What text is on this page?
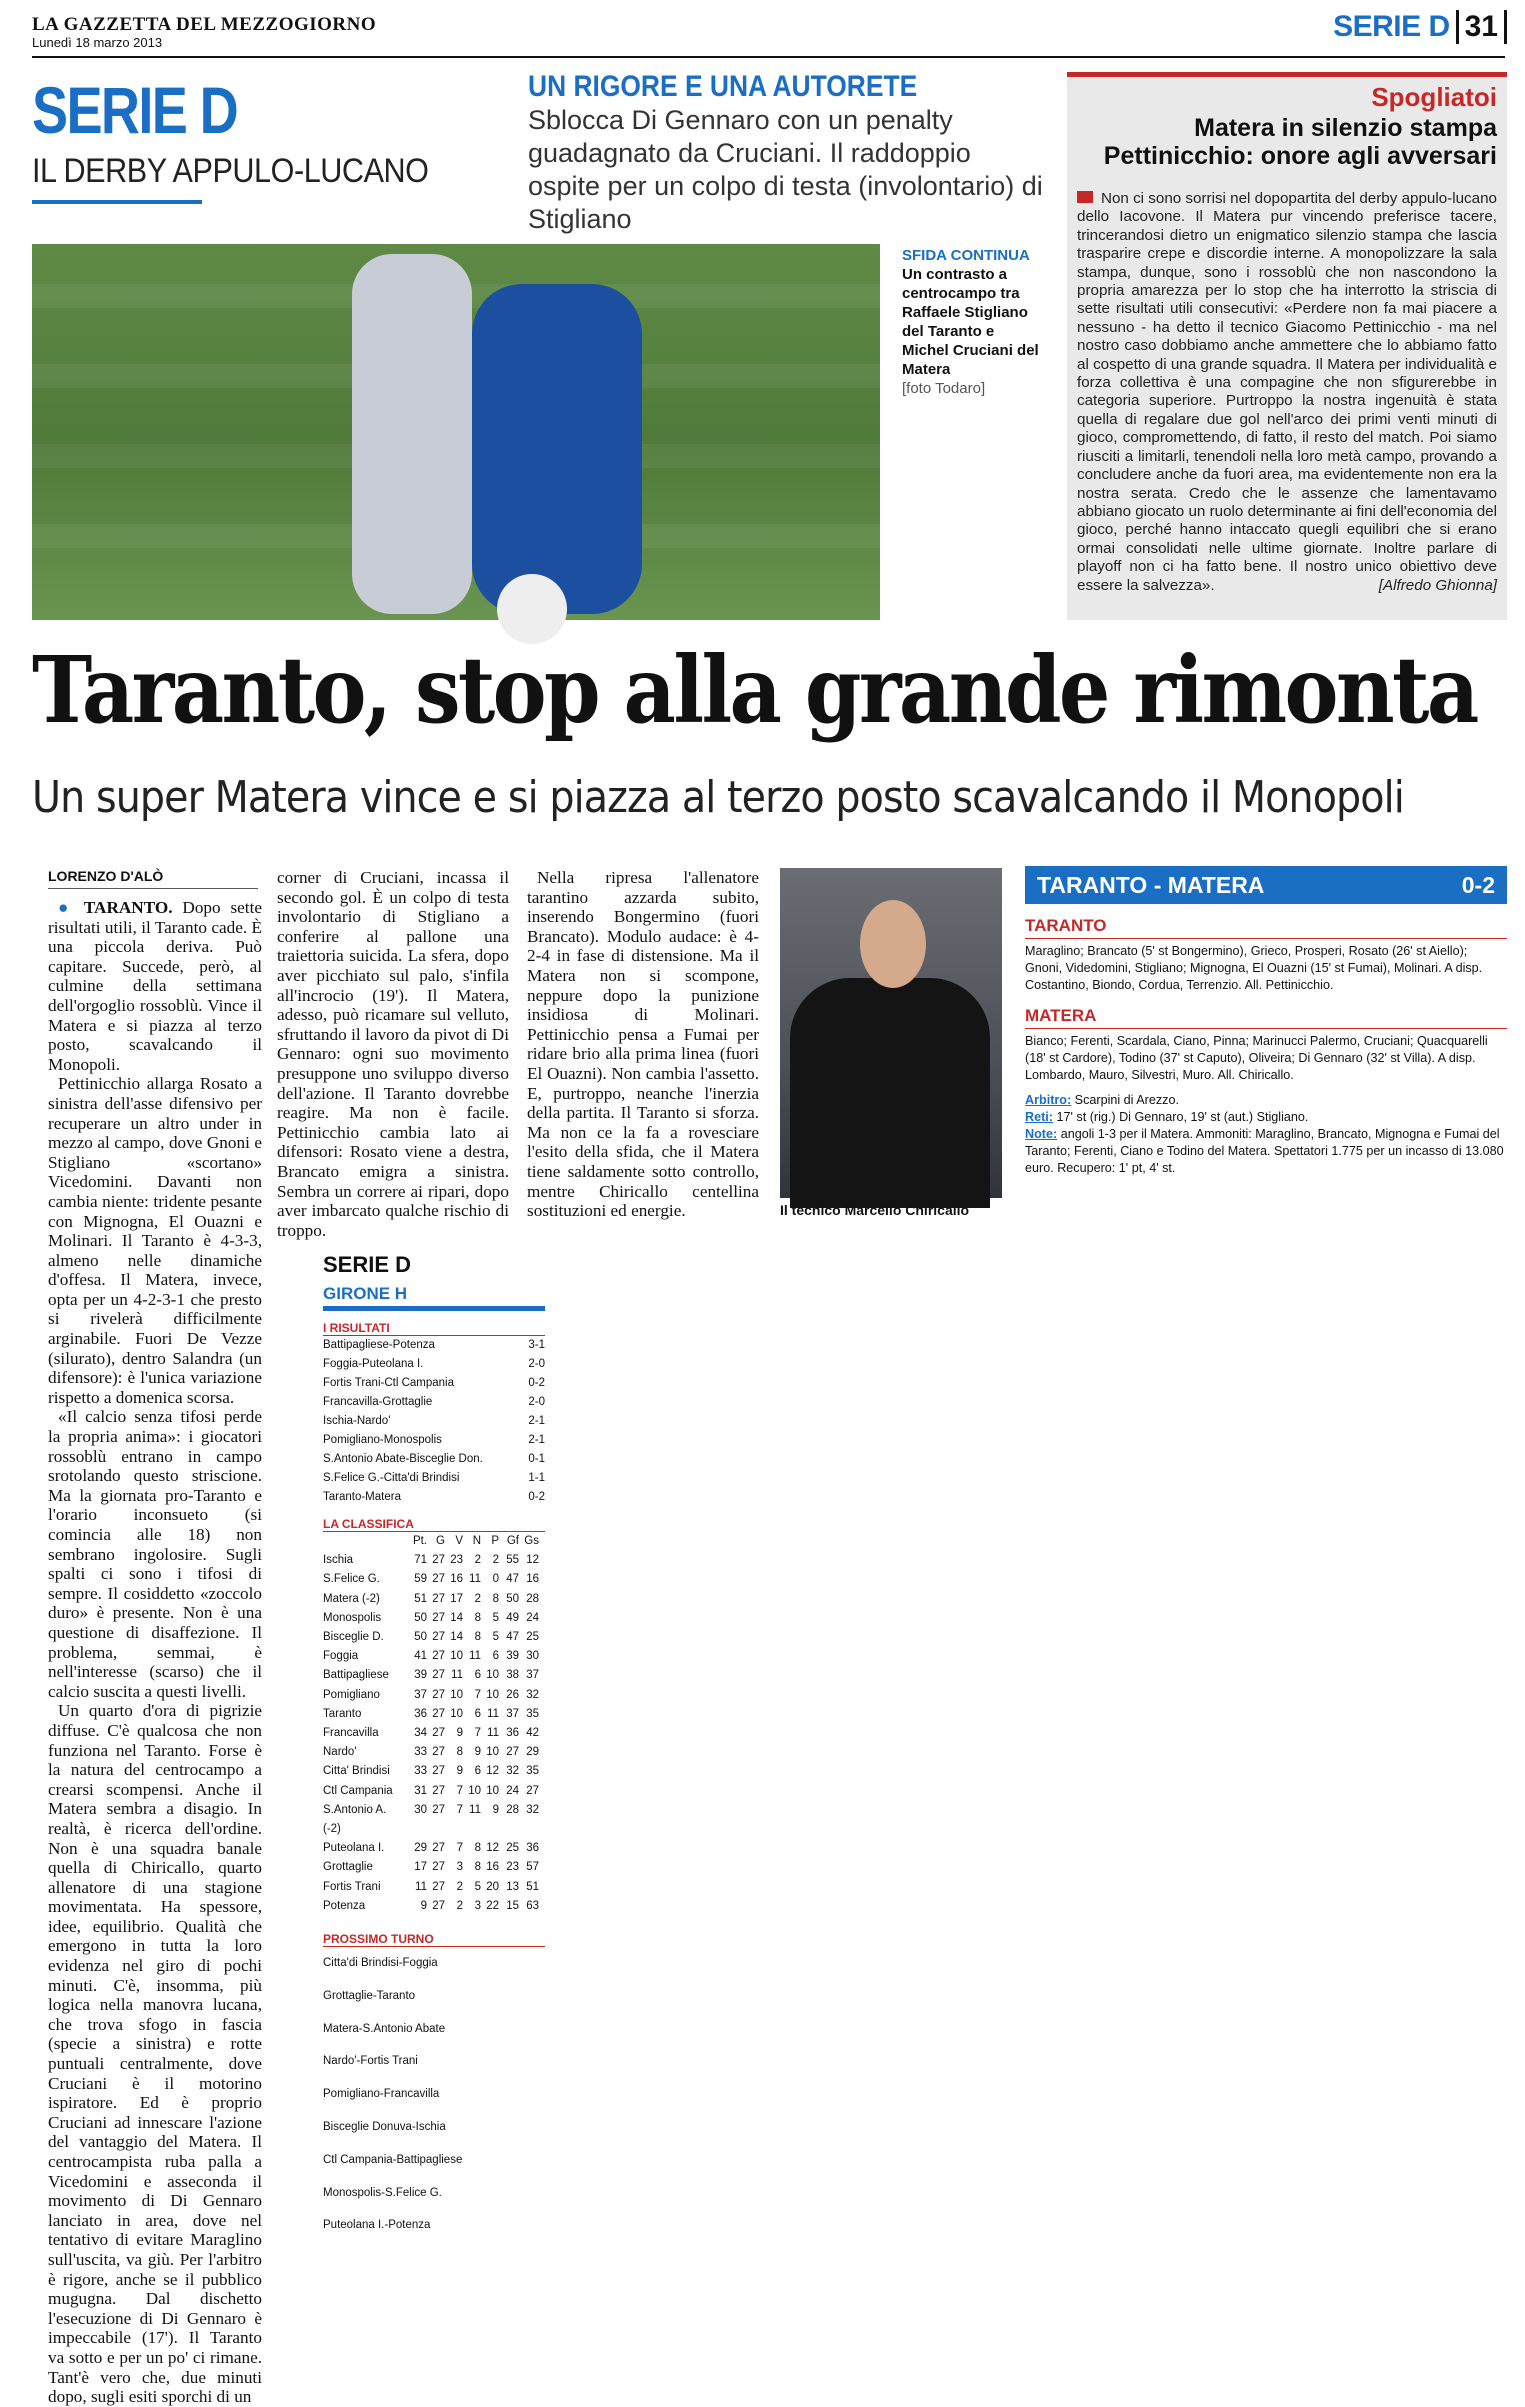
LA GAZZETTA DEL MEZZOGIORNO
Lunedì 18 marzo 2013	SERIE D 31
SERIE D
IL DERBY APPULO-LUCANO
UN RIGORE E UNA AUTORETE
Sblocca Di Gennaro con un penalty guadagnato da Cruciani. Il raddoppio ospite per un colpo di testa (involontario) di Stigliano
SFIDA CONTINUA
Un contrasto a centrocampo tra Raffaele Stigliano del Taranto e Michel Cruciani del Matera
[foto Todaro]
Spogliatoi
Matera in silenzio stampa
Pettinicchio: onore agli avversari
Non ci sono sorrisi nel dopopartita del derby appulo-lucano dello Iacovone. Il Matera pur vincendo preferisce tacere, trincerandosi dietro un enigmatico silenzio stampa che lascia trasparire crepe e discordie interne. A monopolizzare la sala stampa, dunque, sono i rossoblù che non nascondono la propria amarezza per lo stop che ha interrotto la striscia di sette risultati utili consecutivi: «Perdere non fa mai piacere a nessuno - ha detto il tecnico Giacomo Pettinicchio - ma nel nostro caso dobbiamo anche ammettere che lo abbiamo fatto al cospetto di una grande squadra. Il Matera per individualità e forza collettiva è una compagine che non sfigurerebbe in categoria superiore. Purtroppo la nostra ingenuità è stata quella di regalare due gol nell'arco dei primi venti minuti di gioco, compromettendo, di fatto, il resto del match. Poi siamo riusciti a limitarli, tenendoli nella loro metà campo, provando a concludere anche da fuori area, ma evidentemente non era la nostra serata. Credo che le assenze che lamentavamo abbiano giocato un ruolo determinante ai fini dell'economia del gioco, perché hanno intaccato quegli equilibri che si erano ormai consolidati nelle ultime giornate. Inoltre parlare di playoff non ci ha fatto bene. Il nostro unico obiettivo deve essere la salvezza».	[Alfredo Ghionna]
Taranto, stop alla grande rimonta
Un super Matera vince e si piazza al terzo posto scavalcando il Monopoli
LORENZO D'ALÒ

● TARANTO. Dopo sette risultati utili, il Taranto cade. È una piccola deriva. Può capitare. Succede, però, al culmine della settimana dell'orgoglio rossoblù. Vince il Matera e si piazza al terzo posto, scavalcando il Monopoli.

Pettinicchio allarga Rosato a sinistra dell'asse difensivo per recuperare un altro under in mezzo al campo, dove Gnoni e Stigliano «scortano» Vicedomini. Davanti non cambia niente: tridente pesante con Mignogna, El Ouazni e Molinari. Il Taranto è 4-3-3, almeno nelle dinamiche d'offesa. Il Matera, invece, opta per un 4-2-3-1 che presto si rivelerà difficilmente arginabile. Fuori De Vezze (silurato), dentro Salandra (un difensore): è l'unica variazione rispetto a domenica scorsa.

«Il calcio senza tifosi perde la propria anima»: i giocatori rossoblù entrano in campo srotolando questo striscione. Ma la giornata pro-Taranto e l'orario inconsueto (si comincia alle 18) non sembrano ingolosire. Sugli spalti ci sono i tifosi di sempre. Il cosiddetto «zoccolo duro» è presente. Non è una questione di disaffezione. Il problema, semmai, è nell'interesse (scarso) che il calcio suscita a questi livelli.

Un quarto d'ora di pigrizie diffuse. C'è qualcosa che non funziona nel Taranto. Forse è la natura del centrocampo a crearsi scompensi. Anche il Matera sembra a disagio. In realtà, è ricerca dell'ordine. Non è una squadra banale quella di Chiricallo, quarto allenatore di una stagione movimentata. Ha spessore, idee, equilibrio. Qualità che emergono in tutta la loro evidenza nel giro di pochi minuti. C'è, insomma, più logica nella manovra lucana, che trova sfogo in fascia (specie a sinistra) e rotte puntuali centralmente, dove Cruciani è il motorino ispiratore. Ed è proprio Cruciani ad innescare l'azione del vantaggio del Matera. Il centrocampista ruba palla a Vicedomini e asseconda il movimento di Di Gennaro lanciato in area, dove nel tentativo di evitare Maraglino sull'uscita, va giù. Per l'arbitro è rigore, anche se il pubblico mugugna. Dal dischetto l'esecuzione di Di Gennaro è impeccabile (17'). Il Taranto va sotto e per un po' ci rimane. Tant'è vero che, due minuti dopo, sugli esiti sporchi di un

corner di Cruciani, incassa il secondo gol. È un colpo di testa involontario di Stigliano a conferire al pallone una traiettoria suicida. La sfera, dopo aver picchiato sul palo, s'infila all'incrocio (19'). Il Matera, adesso, può ricamare sul velluto, sfruttando il lavoro da pivot di Di Gennaro: ogni suo movimento presuppone uno sviluppo diverso dell'azione. Il Taranto dovrebbe reagire. Ma non è facile. Pettinicchio cambia lato ai difensori: Rosato viene a destra, Brancato emigra a sinistra. Sembra un correre ai ripari, dopo aver imbarcato qualche rischio di troppo.

Nella ripresa l'allenatore tarantino azzarda subito, inserendo Bongermino (fuori Brancato). Modulo audace: è 4-2-4 in fase di distensione. Ma il Matera non si scompone, neppure dopo la punizione insidiosa di Molinari. Pettinicchio pensa a Fumai per ridare brio alla prima linea (fuori El Ouazni). Non cambia l'assetto. E, purtroppo, neanche l'inerzia della partita. Il Taranto si sforza. Ma non ce la fa a rovesciare l'esito della sfida, che il Matera tiene saldamente sotto controllo, mentre Chiricallo centellina sostituzioni ed energie.	Il tecnico Marcello Chiricallo
TARANTO - MATERA	0-2
TARANTO
Maraglino; Brancato (5' st Bongermino), Grieco, Prosperi, Rosato (26' st Aiello); Gnoni, Videdomini, Stigliano; Mignogna, El Ouazni (15' st Fumai), Molinari. A disp. Costantino, Biondo, Cordua, Terrenzio. All. Pettinicchio.
MATERA
Bianco; Ferenti, Scardala, Ciano, Pinna; Marinucci Palermo, Cruciani; Quacquarelli (18' st Cardore), Todino (37' st Caputo), Oliveira; Di Gennaro (32' st Villa). A disp. Lombardo, Mauro, Silvestri, Muro. All. Chiricallo.
Arbitro: Scarpini di Arezzo.
Reti: 17' st (rig.) Di Gennaro, 19' st (aut.) Stigliano.
Note: angoli 1-3 per il Matera. Ammoniti: Maraglino, Brancato, Mignogna e Fumai del Taranto; Ferenti, Ciano e Todino del Matera. Spettatori 1.775 per un incasso di 13.080 euro. Recupero: 1' pt, 4' st.
SERIE D
GIRONE H
I RISULTATI
Battipagliese-Potenza	3-1
Foggia-Puteolana I.	2-0
Fortis Trani-Ctl Campania	0-2
Francavilla-Grottaglie	2-0
Ischia-Nardo'	2-1
Pomigliano-Monospolis	2-1
S.Antonio Abate-Bisceglie Don.	0-1
S.Felice G.-Citta'di Brindisi	1-1
Taranto-Matera	0-2
LA CLASSIFICA
Pt. G V N P Gf Gs
Ischia	71 27 23	2	2 55 12
S.Felice G.	59 27 16 11	0 47 16
Matera (-2)	51 27 17	2	8 50 28
Monospolis	50 27 14	8	5 49 24
Bisceglie D.	50 27 14	8	5 47 25
Foggia	41 27 10 11	6 39 30
Battipagliese	39 27 11	6 10 38 37
Pomigliano	37 27 10	7 10 26 32
Taranto	36 27 10	6 11 37 35
Francavilla	34 27	9	7 11 36 42
Nardo'	33 27	8	9 10 27 29
Citta' Brindisi	33 27	9	6 12 32 35
Ctl Campania	31 27	7 10 10 24 27
S.Antonio A. (-2)
30 27	7 11	9 28 32
Puteolana I.	29 27	7	8 12 25 36
Grottaglie	17 27	3	8 16 23 57
Fortis Trani	11 27	2	5 20 13 51
Potenza	9 27	2	3 22 15 63
PROSSIMO TURNO
Citta'di Brindisi-Foggia
Grottaglie-Taranto
Matera-S.Antonio Abate
Nardo'-Fortis Trani
Pomigliano-Francavilla
Bisceglie Donuva-Ischia
Ctl Campania-Battipagliese
Monospolis-S.Felice G.
Puteolana I.-Potenza
